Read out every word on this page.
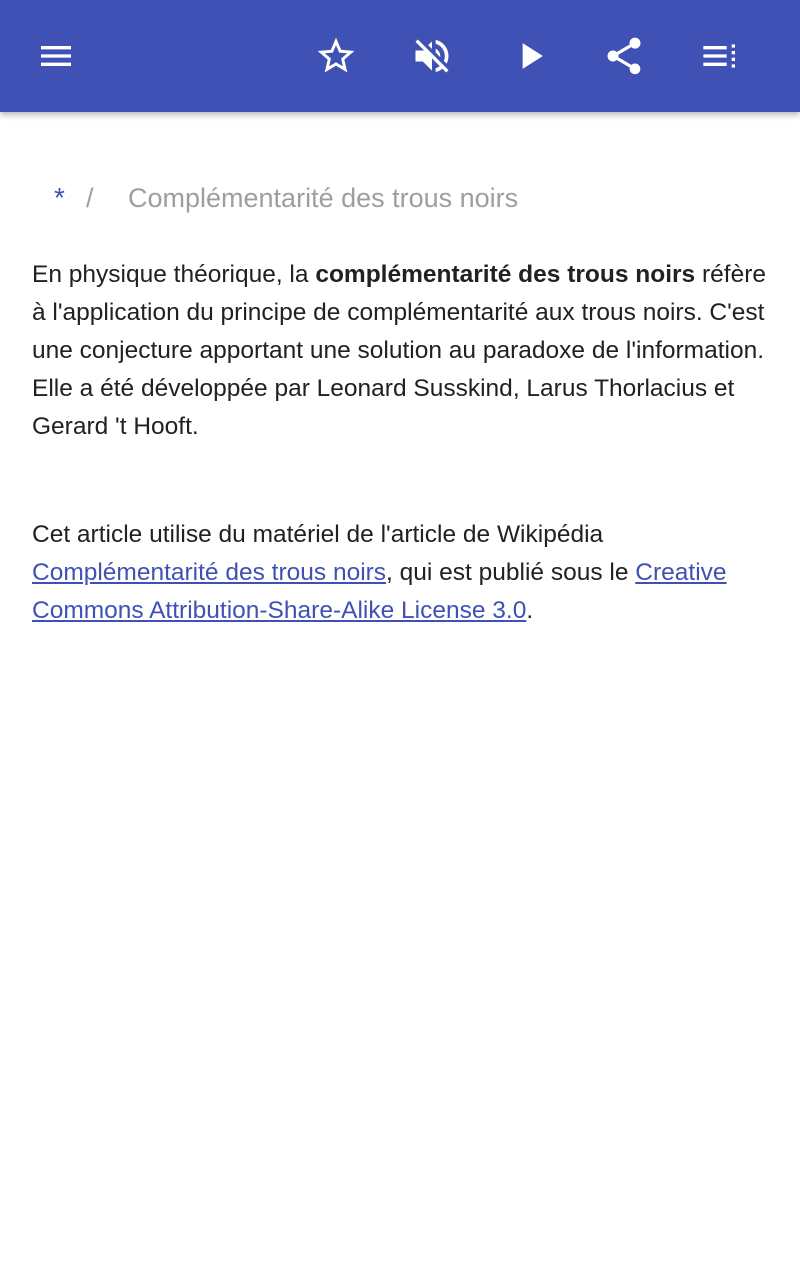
* / Complémentarité des trous noirs

En physique théorique, la complémentarité des trous noirs réfère à l'application du principe de complémentarité aux trous noirs. C'est une conjecture apportant une solution au paradoxe de l'information. Elle a été développée par Leonard Susskind, Larus Thorlacius et Gerard 't Hooft.

Cet article utilise du matériel de l'article de Wikipédia Complémentarité des trous noirs, qui est publié sous le Creative Commons Attribution-Share-Alike License 3.0.
